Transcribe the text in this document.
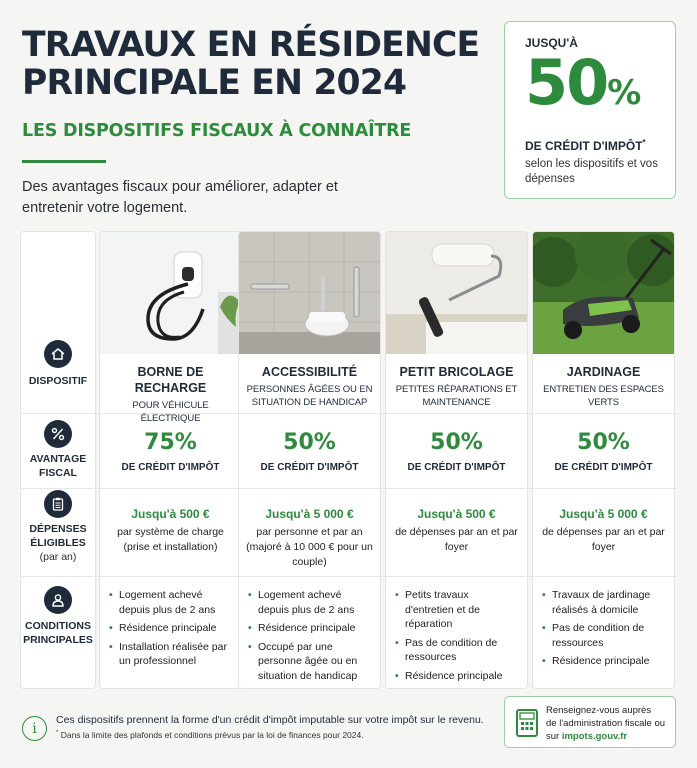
TRAVAUX EN RÉSIDENCE PRINCIPALE EN 2024
LES DISPOSITIFS FISCAUX À CONNAÎTRE

Des avantages fiscaux pour améliorer, adapter et entretenir votre logement.

JUSQU'À
50%
DE CRÉDIT D'IMPÔT*
selon les dispositifs et vos dépenses
DISPOSITIF
AVANTAGE FISCAL
DÉPENSES ÉLIGIBLES
(par an)
CONDITIONS PRINCIPALES
BORNE DE RECHARGE
POUR VÉHICULE ÉLECTRIQUE
75%
DE CRÉDIT D'IMPÔT
Jusqu'à 500 €
par système de charge (prise et installation)
• Logement achevé depuis plus de 2 ans
• Résidence principale
• Installation réalisée par un professionnel
ACCESSIBILITÉ
PERSONNES ÂGÉES OU EN SITUATION DE HANDICAP
50%
DE CRÉDIT D'IMPÔT
Jusqu'à 5 000 €
par personne et par an (majoré à 10 000 € pour un couple)
• Logement achevé depuis plus de 2 ans
• Résidence principale
• Occupé par une personne âgée ou en situation de handicap
PETIT BRICOLAGE
PETITES RÉPARATIONS ET MAINTENANCE
50%
DE CRÉDIT D'IMPÔT
Jusqu'à 500 €
de dépenses par an et par foyer
• Petits travaux d'entretien et de réparation
• Pas de condition de ressources
• Résidence principale
JARDINAGE
ENTRETIEN DES ESPACES VERTS
50%
DE CRÉDIT D'IMPÔT
Jusqu'à 5 000 €
de dépenses par an et par foyer
• Travaux de jardinage réalisés à domicile
• Pas de condition de ressources
• Résidence principale
i
Ces dispositifs prennent la forme d'un crédit d'impôt imputable sur votre impôt sur le revenu.
* Dans la limite des plafonds et conditions prévus par la loi de finances pour 2024.
Renseignez-vous auprès
de l'administration fiscale ou
sur impots.gouv.fr
